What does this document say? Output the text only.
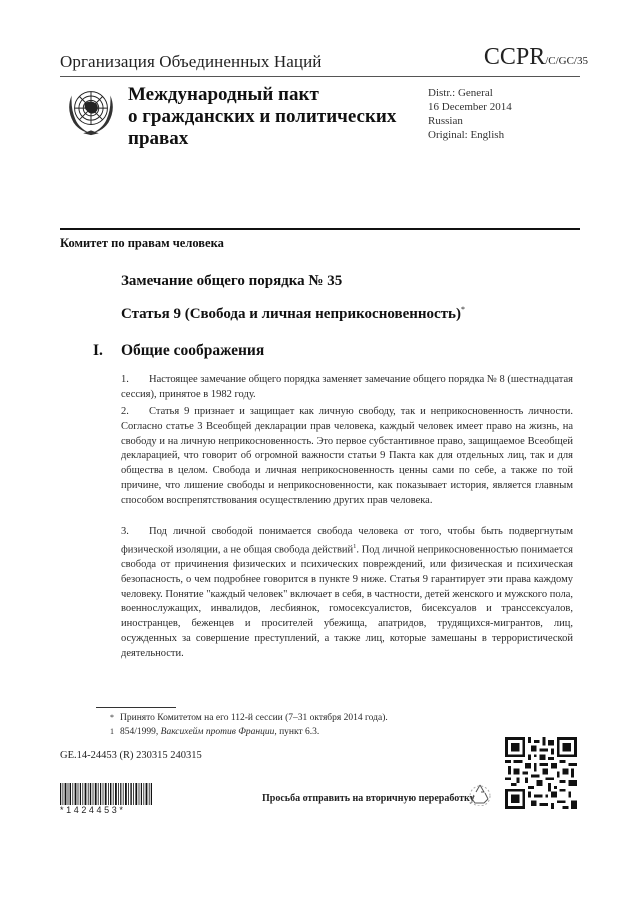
Организация Объединенных Наций	CCPR/C/GC/35
Международный пакт
о гражданских и политических
правах
Distr.: General
16 December 2014
Russian
Original: English
Комитет по правам человека
Замечание общего порядка № 35
Статья 9 (Свобода и личная неприкосновенность)*
I. Общие соображения
1. Настоящее замечание общего порядка заменяет замечание общего порядка № 8 (шестнадцатая сессия), принятое в 1982 году.
2. Статья 9 признает и защищает как личную свободу, так и неприкосновенность личности. Согласно статье 3 Всеобщей декларации прав человека, каждый человек имеет право на жизнь, на свободу и на личную неприкосновенность. Это первое субстантивное право, защищаемое Всеобщей декларацией, что говорит об огромной важности статьи 9 Пакта как для отдельных лиц, так и для общества в целом. Свобода и личная неприкосновенность ценны сами по себе, а также по той причине, что лишение свободы и неприкосновенности, как показывает история, является главным способом воспрепятствования осуществлению других прав человека.
3. Под личной свободой понимается свобода человека от того, чтобы быть подвергнутым физической изоляции, а не общая свобода действий$^1$. Под личной неприкосновенностью понимается свобода от причинения физических и психических повреждений, или физическая и психическая безопасность, о чем подробнее говорится в пункте 9 ниже. Статья 9 гарантирует эти права каждому человеку. Понятие "каждый человек" включает в себя, в частности, детей женского и мужского пола, военнослужащих, инвалидов, лесбиянок, гомосексуалистов, бисексуалов и транссексуалов, иностранцев, беженцев и просителей убежища, апатридов, трудящихся-мигрантов, лиц, осужденных за совершение преступлений, а также лиц, которые замешаны в террористической деятельности.
* Принято Комитетом на его 112-й сессии (7–31 октября 2014 года).
1 854/1999, Ваксихейм против Франции, пункт 6.3.
GE.14-24453 (R) 230315 240315
*1424453*
Просьба отправить на вторичную переработку
